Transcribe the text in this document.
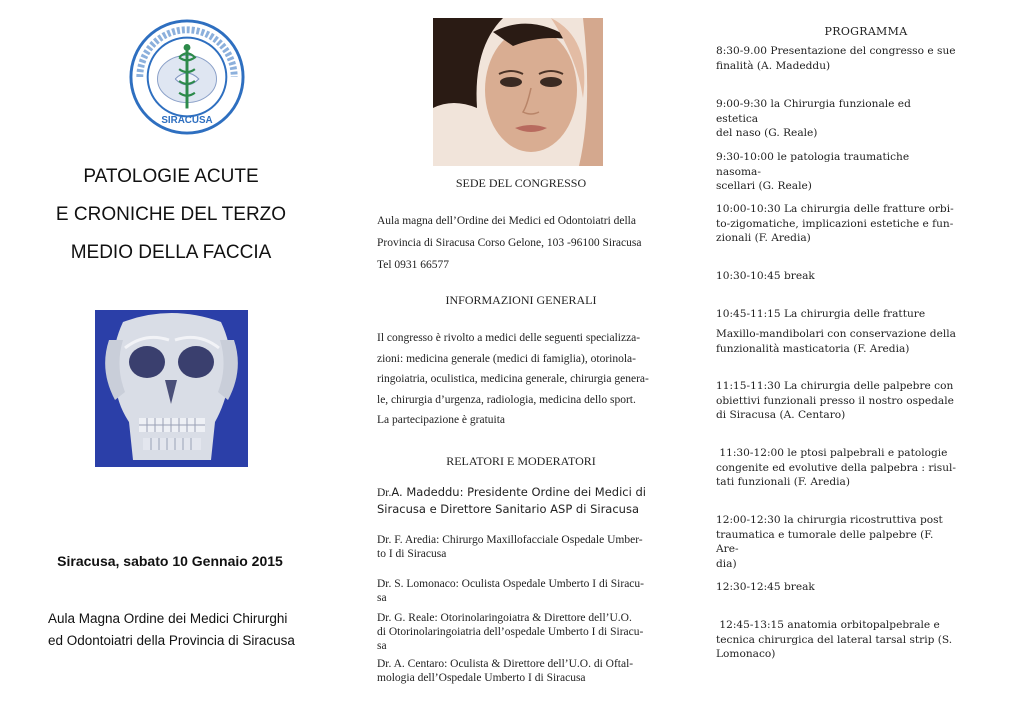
SIRACUSA
PATOLOGIE ACUTE
E CRONICHE DEL TERZO
MEDIO DELLA FACCIA
Siracusa, sabato 10 Gennaio 2015
Aula Magna Ordine dei Medici Chirurghi
ed Odontoiatri della Provincia di Siracusa
SEDE DEL CONGRESSO
Aula magna dell’Ordine dei Medici ed Odontoiatri della
Provincia di Siracusa Corso Gelone, 103 -96100 Siracusa
Tel 0931 66577
INFORMAZIONI GENERALI
Il congresso è rivolto a medici delle seguenti specializza-
zioni: medicina generale (medici di famiglia), otorinola-
ringoiatria, oculistica, medicina generale, chirurgia genera-
le, chirurgia d’urgenza, radiologia, medicina dello sport.
La partecipazione è gratuita
RELATORI E MODERATORI
Dr.A. Madeddu: Presidente Ordine dei Medici di
Siracusa e Direttore Sanitario ASP di Siracusa
Dr. F. Aredia: Chirurgo Maxillofacciale Ospedale Umber-
to I di Siracusa
Dr. S. Lomonaco: Oculista Ospedale Umberto I di Siracu-
sa
Dr. G. Reale: Otorinolaringoiatra & Direttore dell’U.O.
di Otorinolaringoiatria dell’ospedale Umberto I di Siracu-
sa
Dr. A. Centaro: Oculista & Direttore dell’U.O. di Oftal-
mologia dell’Ospedale Umberto I di Siracusa
PROGRAMMA
8:30-9.00 Presentazione del congresso e sue
finalità (A. Madeddu)
9:00-9:30 la Chirurgia funzionale ed estetica
del naso (G. Reale)
9:30-10:00 le patologia traumatiche nasoma-
scellari (G. Reale)
10:00-10:30 La chirurgia delle fratture orbi-
to-zigomatiche, implicazioni estetiche e fun-
zionali (F. Aredia)
10:30-10:45 break
10:45-11:15 La chirurgia delle fratture
Maxillo-mandibolari con conservazione della
funzionalità masticatoria (F. Aredia)
11:15-11:30 La chirurgia delle palpebre con
obiettivi funzionali presso il nostro ospedale
di Siracusa (A. Centaro)
11:30-12:00 le ptosi palpebrali e patologie
congenite ed evolutive della palpebra : risul-
tati funzionali (F. Aredia)
12:00-12:30 la chirurgia ricostruttiva post
traumatica e tumorale delle palpebre (F. Are-
dia)
12:30-12:45 break
12:45-13:15 anatomia orbitopalpebrale e
tecnica chirurgica del lateral tarsal strip (S.
Lomonaco)
